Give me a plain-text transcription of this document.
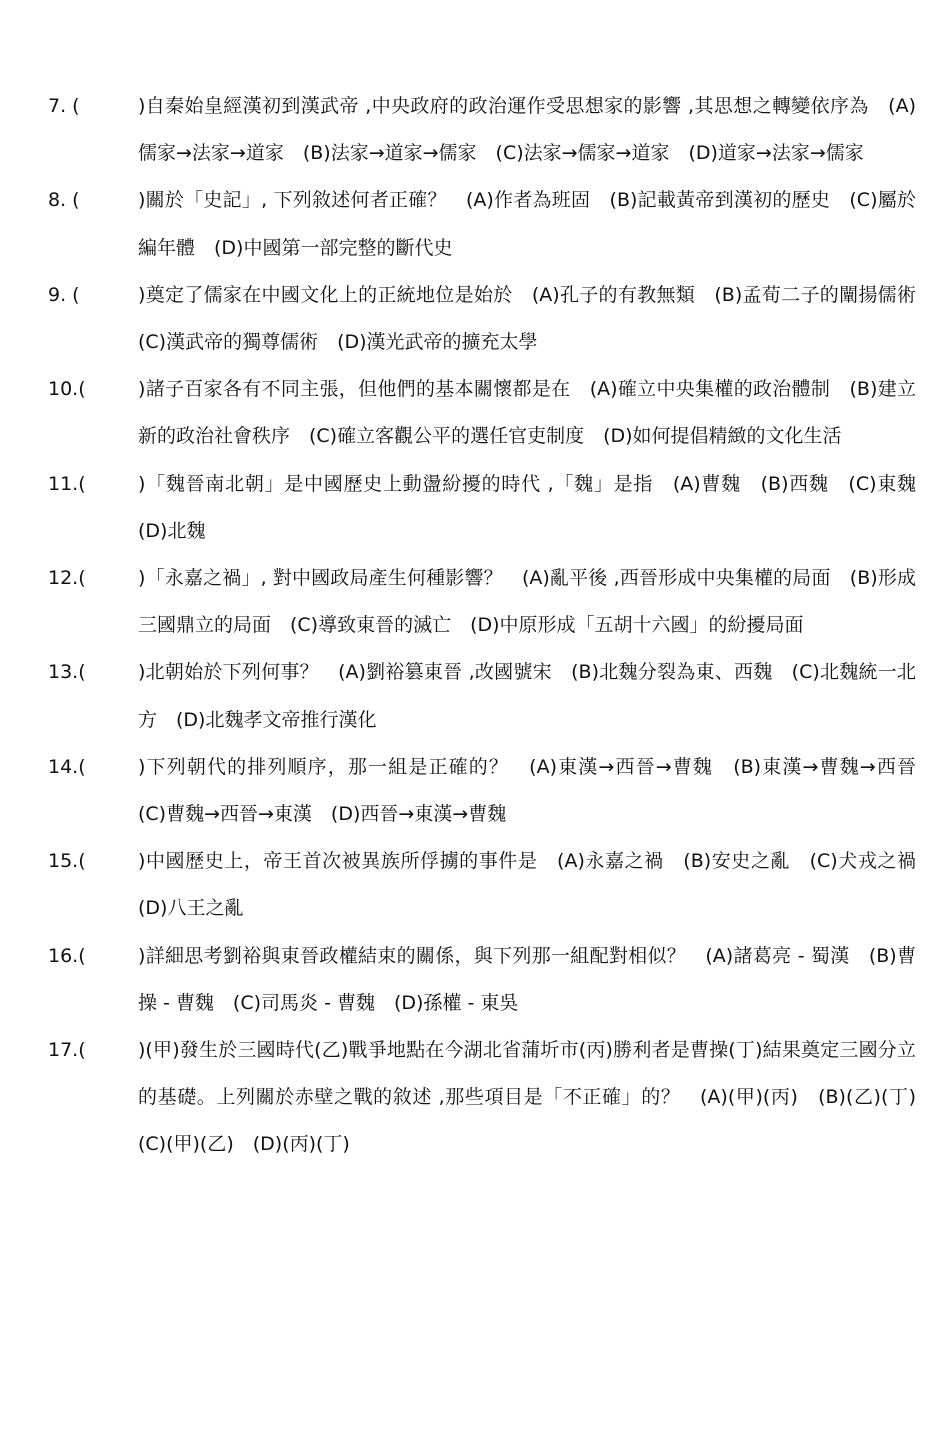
7. (	)自秦始皇經漢初到漢武帝 ,中央政府的政治運作受思想家的影響 ,其思想之轉變依序為　(A)儒家→法家→道家　(B)法家→道家→儒家　(C)法家→儒家→道家　(D)道家→法家→儒家
8. (	)關於「史記」, 下列敘述何者正確？　(A)作者為班固　(B)記載黃帝到漢初的歷史　(C)屬於編年體　(D)中國第一部完整的斷代史
9. (	)奠定了儒家在中國文化上的正統地位是始於　(A)孔子的有教無類　(B)孟荀二子的闡揚儒術　(C)漢武帝的獨尊儒術　(D)漢光武帝的擴充太學
10.(	)諸子百家各有不同主張，但他們的基本關懷都是在　(A)確立中央集權的政治體制　(B)建立新的政治社會秩序　(C)確立客觀公平的選任官吏制度　(D)如何提倡精緻的文化生活
11.(	)「魏晉南北朝」是中國歷史上動盪紛擾的時代 ,「魏」是指　(A)曹魏　(B)西魏　(C)東魏　(D)北魏
12.(	)「永嘉之禍」, 對中國政局產生何種影響？　(A)亂平後 ,西晉形成中央集權的局面　(B)形成三國鼎立的局面　(C)導致東晉的滅亡　(D)中原形成「五胡十六國」的紛擾局面
13.(	)北朝始於下列何事？　(A)劉裕篡東晉 ,改國號宋　(B)北魏分裂為東、西魏　(C)北魏統一北方　(D)北魏孝文帝推行漢化
14.(	)下列朝代的排列順序，那一組是正確的？　(A)東漢→西晉→曹魏　(B)東漢→曹魏→西晉　(C)曹魏→西晉→東漢　(D)西晉→東漢→曹魏
15.(	)中國歷史上，帝王首次被異族所俘擄的事件是　(A)永嘉之禍　(B)安史之亂　(C)犬戎之禍　(D)八王之亂
16.(	)詳細思考劉裕與東晉政權結束的關係，與下列那一組配對相似？　(A)諸葛亮 - 蜀漢　(B)曹操 - 曹魏　(C)司馬炎 - 曹魏　(D)孫權 - 東吳
17.(	)(甲)發生於三國時代(乙)戰爭地點在今湖北省蒲圻市(丙)勝利者是曹操(丁)結果奠定三國分立的基礎。上列關於赤壁之戰的敘述 ,那些項目是「不正確」的？　(A)(甲)(丙)　(B)(乙)(丁)　(C)(甲)(乙)　(D)(丙)(丁)
